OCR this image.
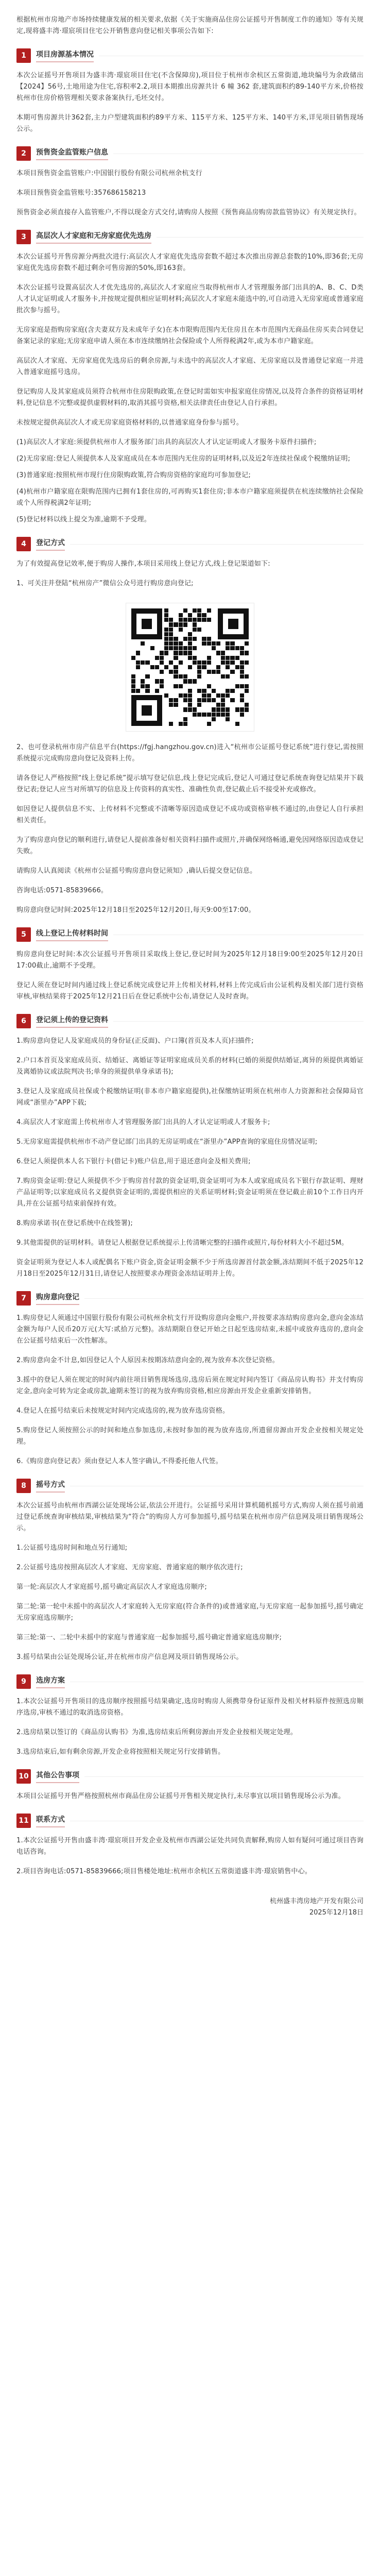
根据杭州市房地产市场持续健康发展的相关要求,依据《关于实施商品住房公证摇号开售制度工作的通知》等有关规定,现将盛丰湾·璟宸项目住宅公开销售意向登记相关事项公告如下:

1	项目房源基本情况

本次公证摇号开售项目为盛丰湾·璟宸项目住宅(不含保障房),项目位于杭州市余杭区五常街道,地块编号为余政储出【2024】56号,土地用途为住宅,容积率2.2,项目本期推出房源共计 6 幢 362 套,建筑面积约89-140平方米,价格按杭州市住房价格管理相关要求备案执行,毛坯交付。

本期可售房源共计362套,主力户型建筑面积约89平方米、115平方米、125平方米、140平方米,详见项目销售现场公示。

2	预售资金监管账户信息

本项目预售资金监管账户:中国银行股份有限公司杭州余杭支行

本项目预售资金监管账号:357686158213

预售资金必须直接存入监管账户,不得以现金方式交付,请购房人按照《预售商品房购房款监管协议》有关规定执行。

3	高层次人才家庭和无房家庭优先选房

本次公证摇号开售房源分两批次进行:高层次人才家庭优先选房套数不超过本次推出房源总套数的10%,即36套;无房家庭优先选房套数不超过剩余可售房源的50%,即163套。

本次公证摇号设置高层次人才优先选房的,高层次人才家庭应当取得杭州市人才管理服务部门出具的A、B、C、D类人才认定证明或人才服务卡,并按规定提供相应证明材料;高层次人才家庭未能选中的,可自动进入无房家庭或普通家庭批次参与摇号。

无房家庭是指购房家庭(含夫妻双方及未成年子女)在本市限购范围内无住房且在本市范围内无商品住房买卖合同登记备案记录的家庭;无房家庭申请人须在本市连续缴纳社会保险或个人所得税满2年,或为本市户籍家庭。

高层次人才家庭、无房家庭优先选房后的剩余房源,与未选中的高层次人才家庭、无房家庭以及普通登记家庭一并进入普通家庭摇号选房。

登记购房人及其家庭成员须符合杭州市住房限购政策,在登记时需如实申报家庭住房情况,以及符合条件的资格证明材料,登记信息不完整或提供虚假材料的,取消其摇号资格,相关法律责任由登记人自行承担。

未按规定提供高层次人才或无房家庭资格材料的,以普通家庭身份参与摇号。

(1)高层次人才家庭:须提供杭州市人才服务部门出具的高层次人才认定证明或人才服务卡原件扫描件;

(2)无房家庭:登记人须提供本人及家庭成员在本市范围内无住房的证明材料,以及近2年连续社保或个税缴纳证明;

(3)普通家庭:按照杭州市现行住房限购政策,符合购房资格的家庭均可参加登记;

(4)杭州市户籍家庭在限购范围内已拥有1套住房的,可再购买1套住房;非本市户籍家庭须提供在杭连续缴纳社会保险或个人所得税满2年证明;

(5)登记材料以线上提交为准,逾期不予受理。

4	登记方式

为了有效提高登记效率,便于购房人操作,本项目采用线上登记方式,线上登记渠道如下:

1、可关注并登陆“杭州房产”微信公众号进行购房意向登记;

2、也可登录杭州市房产信息平台(https://fgj.hangzhou.gov.cn)进入“杭州市公证摇号登记系统”进行登记,需按照系统提示完成购房意向登记及资料上传。

请各登记人严格按照“线上登记系统”提示填写登记信息,线上登记完成后,登记人可通过登记系统查询登记结果并下载登记表;登记人应当对所填写的信息及上传资料的真实性、准确性负责,登记截止后不接受补充或修改。

如因登记人提供信息不实、上传材料不完整或不清晰等原因造成登记不成功或资格审核不通过的,由登记人自行承担相关责任。

为了购房意向登记的顺利进行,请登记人提前准备好相关资料扫描件或照片,并确保网络畅通,避免因网络原因造成登记失败。

请购房人认真阅读《杭州市公证摇号购房意向登记须知》,确认后提交登记信息。

咨询电话:0571-85839666。

购房意向登记时间:2025年12月18日至2025年12月20日,每天9:00至17:00。

5	线上登记上传材料时间

购房意向登记时间:本次公证摇号开售项目采取线上登记,登记时间为2025年12月18日9:00至2025年12月20日17:00截止,逾期不予受理。

登记人须在登记时间内通过线上登记系统完成登记并上传相关材料,材料上传完成后由公证机构及相关部门进行资格审核,审核结果将于2025年12月21日后在登记系统中公布,请登记人及时查询。

6	登记须上传的登记资料

1.购房意向登记人及家庭成员的身份证(正反面)、户口簿(首页及本人页)扫描件;

2.户口本首页及家庭成员页、结婚证、离婚证等证明家庭成员关系的材料(已婚的须提供结婚证,离异的须提供离婚证及离婚协议或法院判决书;单身的须提供单身承诺书);

3.登记人及家庭成员社保或个税缴纳证明(非本市户籍家庭提供),社保缴纳证明须在杭州市人力资源和社会保障局官网或“浙里办”APP下载;

4.高层次人才家庭需上传杭州市人才管理服务部门出具的人才认定证明或人才服务卡;

5.无房家庭需提供杭州市不动产登记部门出具的无房证明或在“浙里办”APP查询的家庭住房情况证明;

6.登记人须提供本人名下银行卡(借记卡)账户信息,用于退还意向金及相关费用;

7.购房资金证明:登记人须提供不少于购房首付款的资金证明,资金证明可为本人或家庭成员名下银行存款证明、理财产品证明等;以家庭成员名义提供资金证明的,需提供相应的关系证明材料;资金证明须在登记截止前10个工作日内开具,并在公证摇号结束前保持有效。

8.购房承诺书(在登记系统中在线签署);

9.其他需提供的证明材料。请登记人根据登记系统提示上传清晰完整的扫描件或照片,每份材料大小不超过5M。

资金证明须为登记人本人或配偶名下账户资金,资金证明金额不少于所选房源首付款金额,冻结期间不低于2025年12月18日至2025年12月31日,请登记人按照要求办理资金冻结证明并上传。

7	购房意向登记

1.购房登记人须通过中国银行股份有限公司杭州余杭支行开设购房意向金账户,并按要求冻结购房意向金,意向金冻结金额为每户人民币20万元(大写:贰拾万元整)。冻结期限自登记开始之日起至选房结束,未摇中或放弃选房的,意向金在公证摇号结束后一次性解冻。

2.购房意向金不计息,如因登记人个人原因未按期冻结意向金的,视为放弃本次登记资格。

3.摇中的登记人须在规定的时间内前往项目销售现场选房,选房后须在规定时间内签订《商品房认购书》并支付购房定金,意向金可转为定金或房款,逾期未签订的视为放弃购房资格,相应房源由开发企业重新安排销售。

4.登记人在摇号结束后未按规定时间内完成选房的,视为放弃选房资格。

5.购房登记人须按照公示的时间和地点参加选房,未按时参加的视为放弃选房,所遗留房源由开发企业按相关规定处理。

6.《购房意向登记表》须由登记人本人签字确认,不得委托他人代签。

8	摇号方式

本次公证摇号由杭州市西湖公证处现场公证,依法公开进行。公证摇号采用计算机随机摇号方式,购房人须在摇号前通过登记系统查询审核结果,审核结果为“符合”的购房人方可参加摇号,摇号结果在杭州市房产信息网及项目销售现场公示。

1.公证摇号选房时间和地点另行通知;

2.公证摇号选房按照高层次人才家庭、无房家庭、普通家庭的顺序依次进行;

第一轮:高层次人才家庭摇号,摇号确定高层次人才家庭选房顺序;

第二轮:第一轮中未摇中的高层次人才家庭转入无房家庭(符合条件的)或普通家庭,与无房家庭一起参加摇号,摇号确定无房家庭选房顺序;

第三轮:第一、二轮中未摇中的家庭与普通家庭一起参加摇号,摇号确定普通家庭选房顺序;

3.摇号结果由公证处现场公证,并在杭州市房产信息网及项目销售现场公示。

9	选房方案

1.本次公证摇号开售项目的选房顺序按照摇号结果确定,选房时购房人须携带身份证原件及相关材料原件按照选房顺序选房,审核不通过的取消选房资格。

2.选房结果以签订的《商品房认购书》为准,选房结束后所剩房源由开发企业按相关规定处理。

3.选房结束后,如有剩余房源,开发企业将按照相关规定另行安排销售。

10	其他公告事项

本项目公证摇号开售严格按照杭州市商品住房公证摇号开售相关规定执行,未尽事宜以项目销售现场公示为准。

11	联系方式

1.本次公证摇号开售由盛丰湾·璟宸项目开发企业及杭州市西湖公证处共同负责解释,购房人如有疑问可通过项目咨询电话咨询。

2.项目咨询电话:0571-85839666;项目售楼处地址:杭州市余杭区五常街道盛丰湾·璟宸销售中心。

杭州盛丰湾房地产开发有限公司
2025年12月18日
